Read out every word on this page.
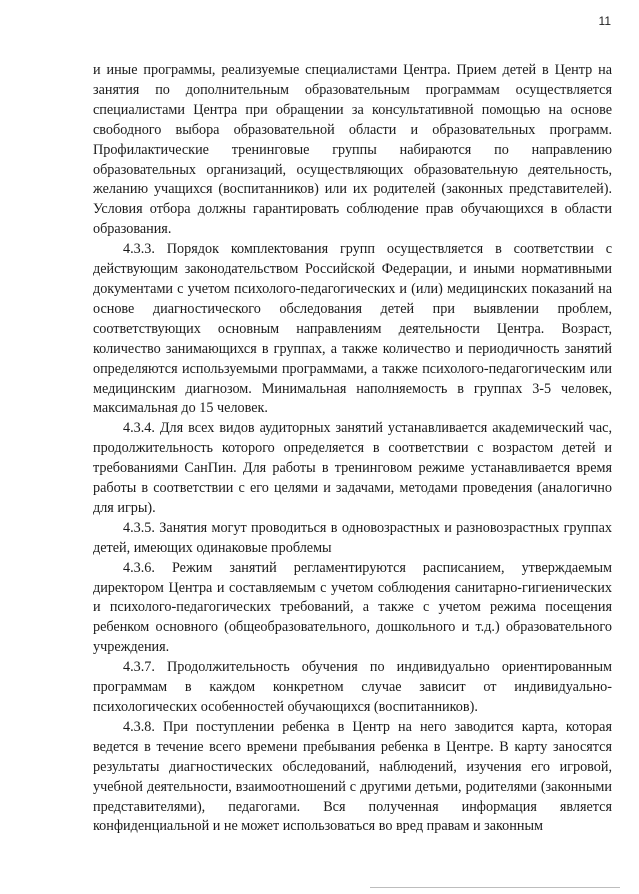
11

и иные программы, реализуемые специалистами Центра. Прием детей в Центр на занятия по дополнительным образовательным программам осуществляется специалистами Центра при обращении за консультативной помощью на основе свободного выбора образовательной области и образовательных программ. Профилактические тренинговые группы набираются по направлению образовательных организаций, осуществляющих образовательную деятельность, желанию учащихся (воспитанников) или их родителей (законных представителей). Условия отбора должны гарантировать соблюдение прав обучающихся в области образования.

4.3.3. Порядок комплектования групп осуществляется в соответствии с действующим законодательством Российской Федерации, и иными нормативными документами с учетом психолого-педагогических и (или) медицинских показаний на основе диагностического обследования детей при выявлении проблем, соответствующих основным направлениям деятельности Центра. Возраст, количество занимающихся в группах, а также количество и периодичность занятий определяются используемыми программами, а также психолого-педагогическим или медицинским диагнозом. Минимальная наполняемость в группах 3-5 человек, максимальная до 15 человек.

4.3.4. Для всех видов аудиторных занятий устанавливается академический час, продолжительность которого определяется в соответствии с возрастом детей и требованиями СанПин. Для работы в тренинговом режиме устанавливается время работы в соответствии с его целями и задачами, методами проведения (аналогично для игры).

4.3.5. Занятия могут проводиться в одновозрастных и разновозрастных группах детей, имеющих одинаковые проблемы

4.3.6. Режим занятий регламентируются расписанием, утверждаемым директором Центра и составляемым с учетом соблюдения санитарно-гигиенических и психолого-педагогических требований, а также с учетом режима посещения ребенком основного (общеобразовательного, дошкольного и т.д.) образовательного учреждения.

4.3.7. Продолжительность обучения по индивидуально ориентированным программам в каждом конкретном случае зависит от индивидуально-психологических особенностей обучающихся (воспитанников).

4.3.8. При поступлении ребенка в Центр на него заводится карта, которая ведется в течение всего времени пребывания ребенка в Центре. В карту заносятся результаты диагностических обследований, наблюдений, изучения его игровой, учебной деятельности, взаимоотношений с другими детьми, родителями (законными представителями), педагогами. Вся полученная информация является конфиденциальной и не может использоваться во вред правам и законным
